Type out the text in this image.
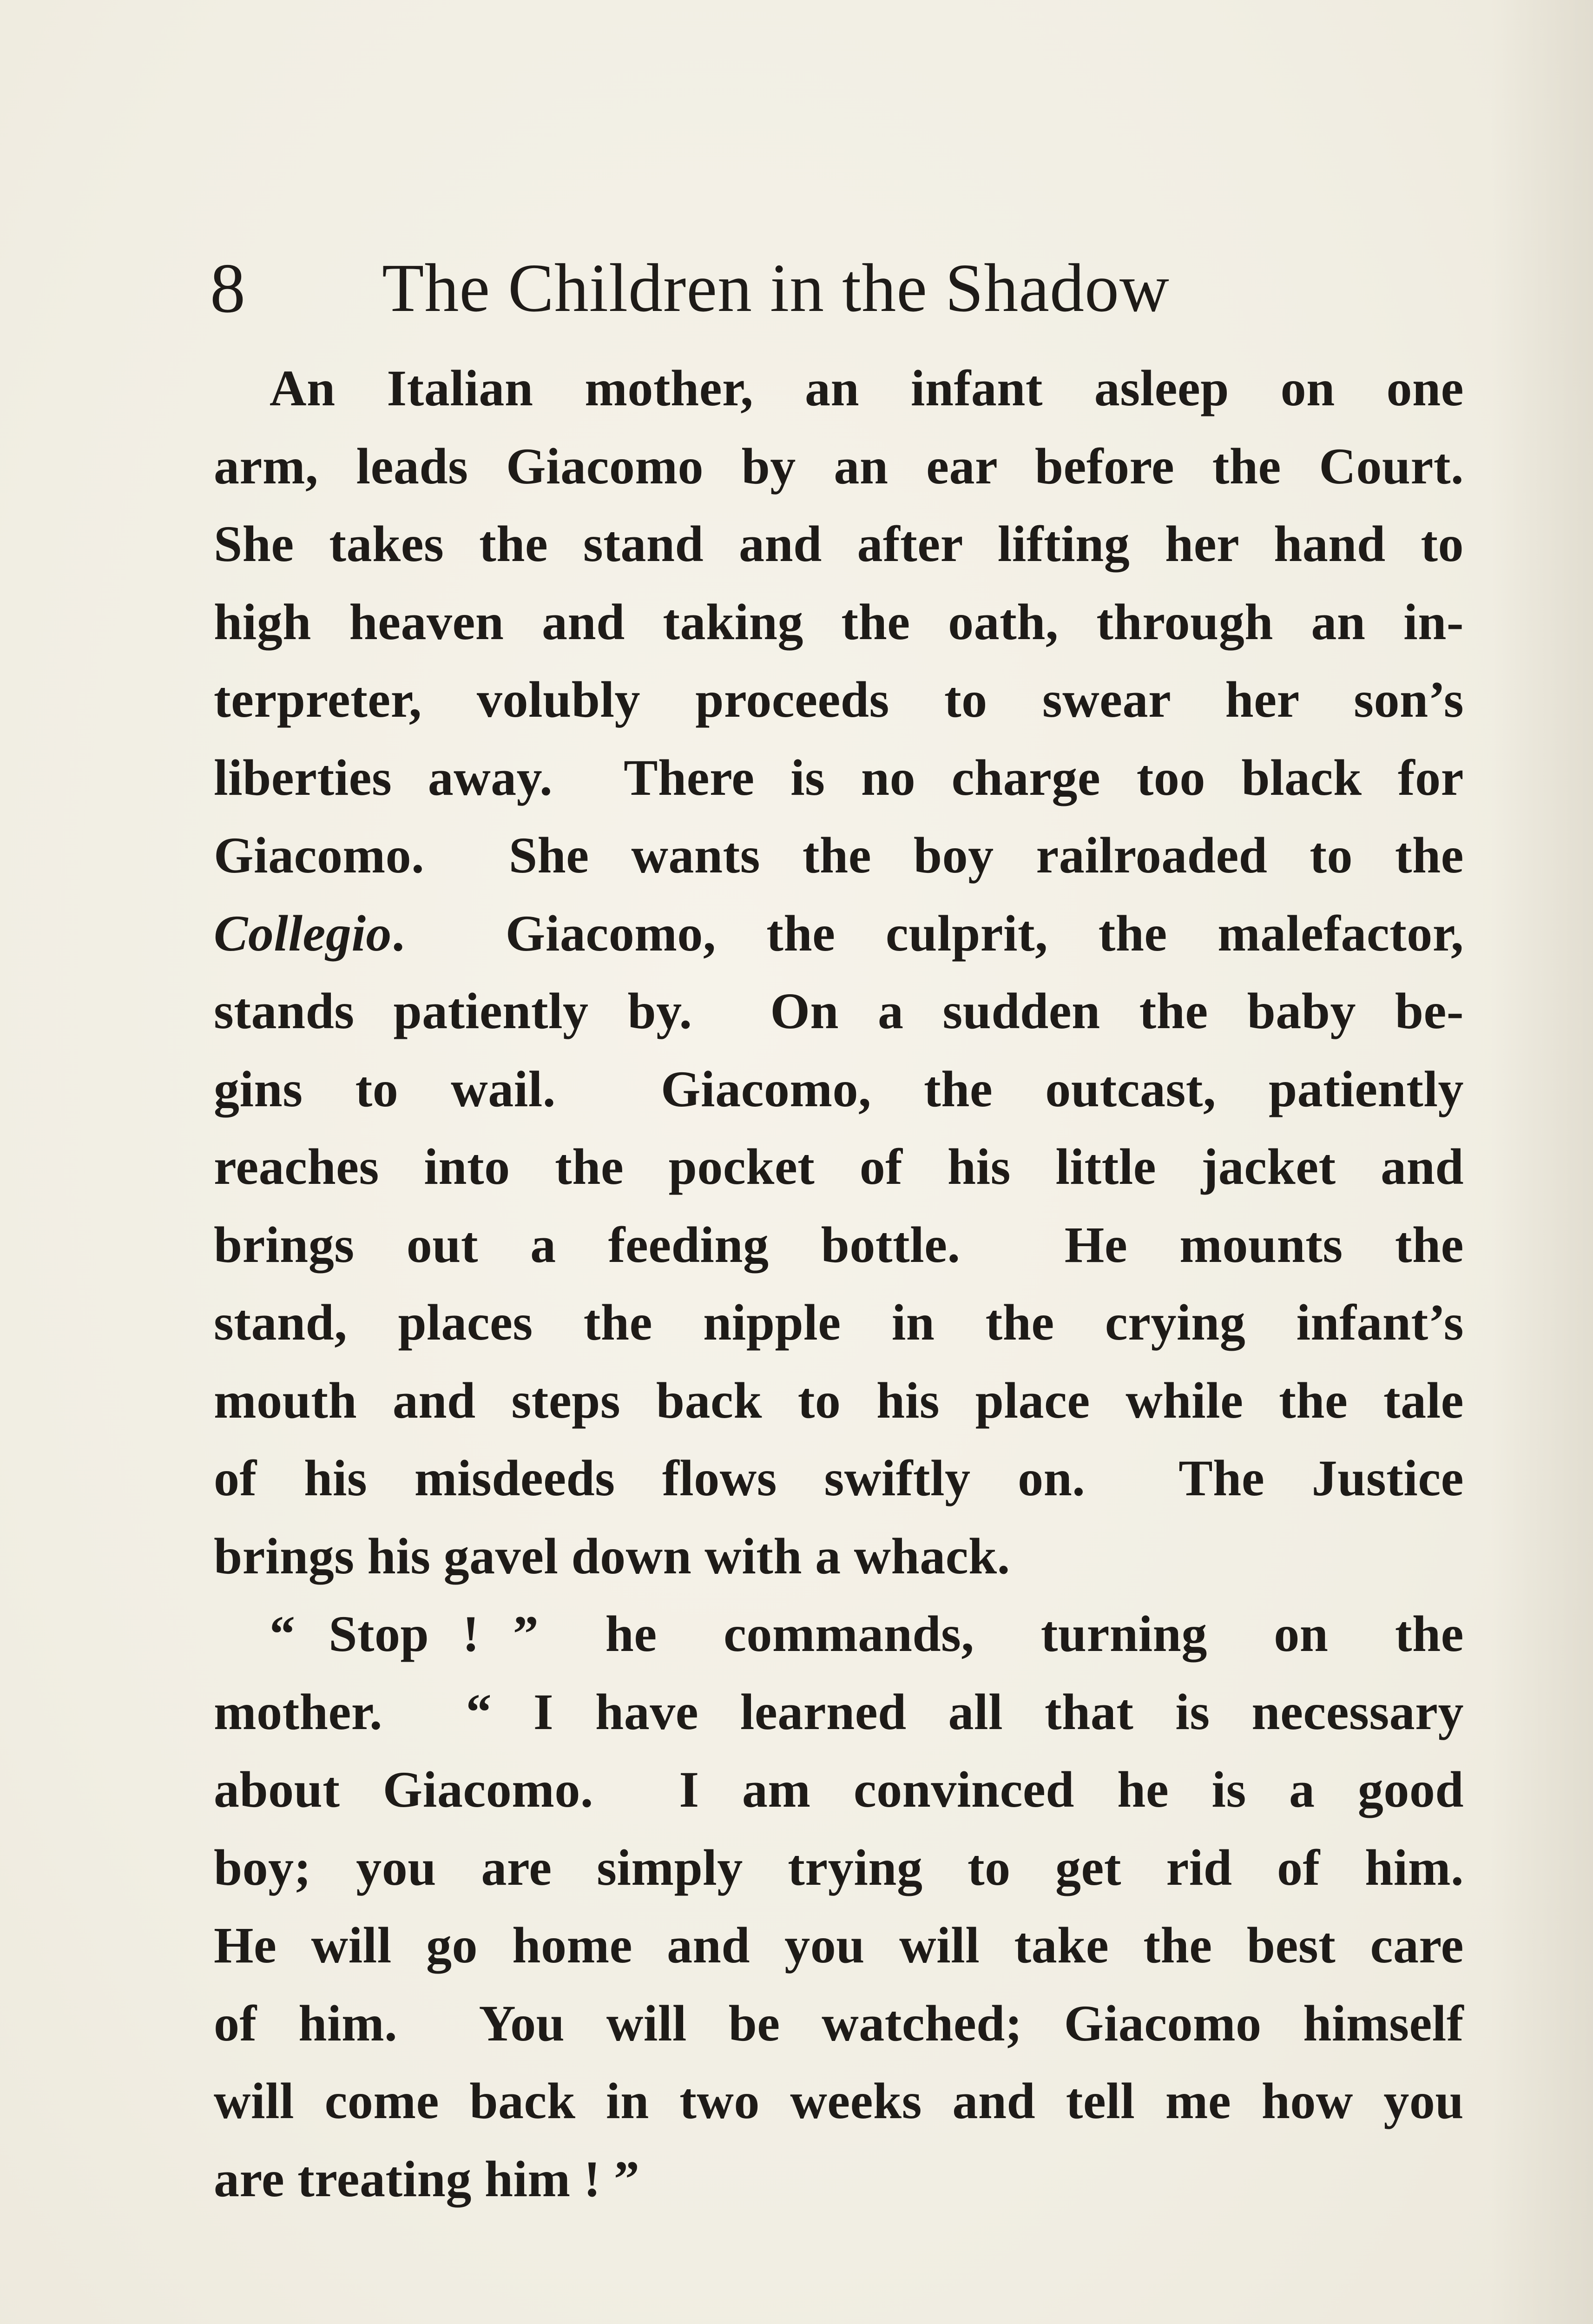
8 The Children in the Shadow
An Italian mother, an infant asleep on one
arm, leads Giacomo by an ear before the Court.
She takes the stand and after lifting her hand to
high heaven and taking the oath, through an in-
terpreter, volubly proceeds to swear her son’s
liberties away.  There is no charge too black for
Giacomo.  She wants the boy railroaded to the
Collegio.  Giacomo, the culprit, the malefactor,
stands patiently by.  On a sudden the baby be-
gins to wail.  Giacomo, the outcast, patiently
reaches into the pocket of his little jacket and
brings out a feeding bottle.  He mounts the
stand, places the nipple in the crying infant’s
mouth and steps back to his place while the tale
of his misdeeds flows swiftly on.  The Justice
brings his gavel down with a whack.
“ Stop ! ”  he  commands,  turning  on  the
mother.  “ I have learned all that is necessary
about Giacomo.  I am convinced he is a good
boy; you are simply trying to get rid of him.
He will go home and you will take the best care
of him.  You will be watched; Giacomo himself
will come back in two weeks and tell me how you
are treating him ! ”
